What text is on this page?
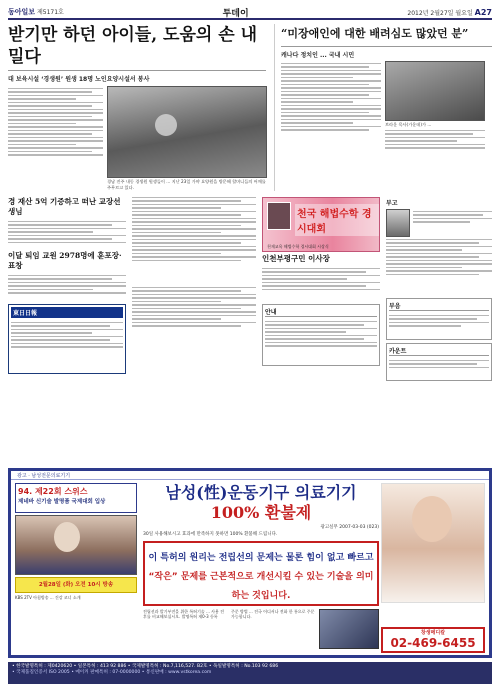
동아일보 제5171호	투데이	2012년 2월27일 월요일 A27
받기만 하던 아이들, 도움의 손 내밀다
대 보육시설 ‘경생원’ 원생 18명 노인요양시설서 봉사
경남 진주 내동 경생원 원생들이 ... 지난 23일 가야 요양원을 방문해 할머니들의 어깨를 주무르고 있다.
“미장애인에 대한 배려심도 많았던 분”
캐나다 정치인 ... 국내 시민
브라운 목사(가운데)가 ...
경 재산 5억 기증하고 떠난 교장선생님
이달 퇴임 교원 2978명에 훈포장·표창
東日日報
천국 해법수학 경시대회
천재교육 해법수학 경시대회 시상식
인천부평구민 이사장
안내
부고
부음
카운트
광고 · 남성전문의료기기
94. 제22회 스위스
제네바 신기술 발명품 국제대회 입상
2월28일 (화) 오전 10시 방송
KBS 2TV 아침방송 ... 건강 코너 소개
남성(性)운동기구 의료기기 100% 환불제
광고실무 2007-03-03 (023)
30일 사용해보시고 효과에 만족하지 못하면 100% 환불해 드립니다.
이 특허의 원리는 전립선의 문제는 물론 힘이 없고 빠르고 “작은” 문제를 근본적으로 개선시킬 수 있는 기술을 의미하는 것입니다.
전립선과 발기부전을 위한 특허기술 ... 사용 전후를 비교해보십시오. 발명특허 제0-3 등록
주문 방법 ... 전국 어디서나 전화 한 통으로 주문 가능합니다.
창생메디칼
02-469-6455
• 한국발명특허 : 제0420620 • 일본특허 : 413 92 886 • 국제발명특허 : No.7,116,527. B2호 • 독일발명특허 : No.103 92 686
• 국제품질인증서 ISO 2005 • 메이커 판매특허 : 07-0000000 • 통신판매 : www.vstkorea.com
